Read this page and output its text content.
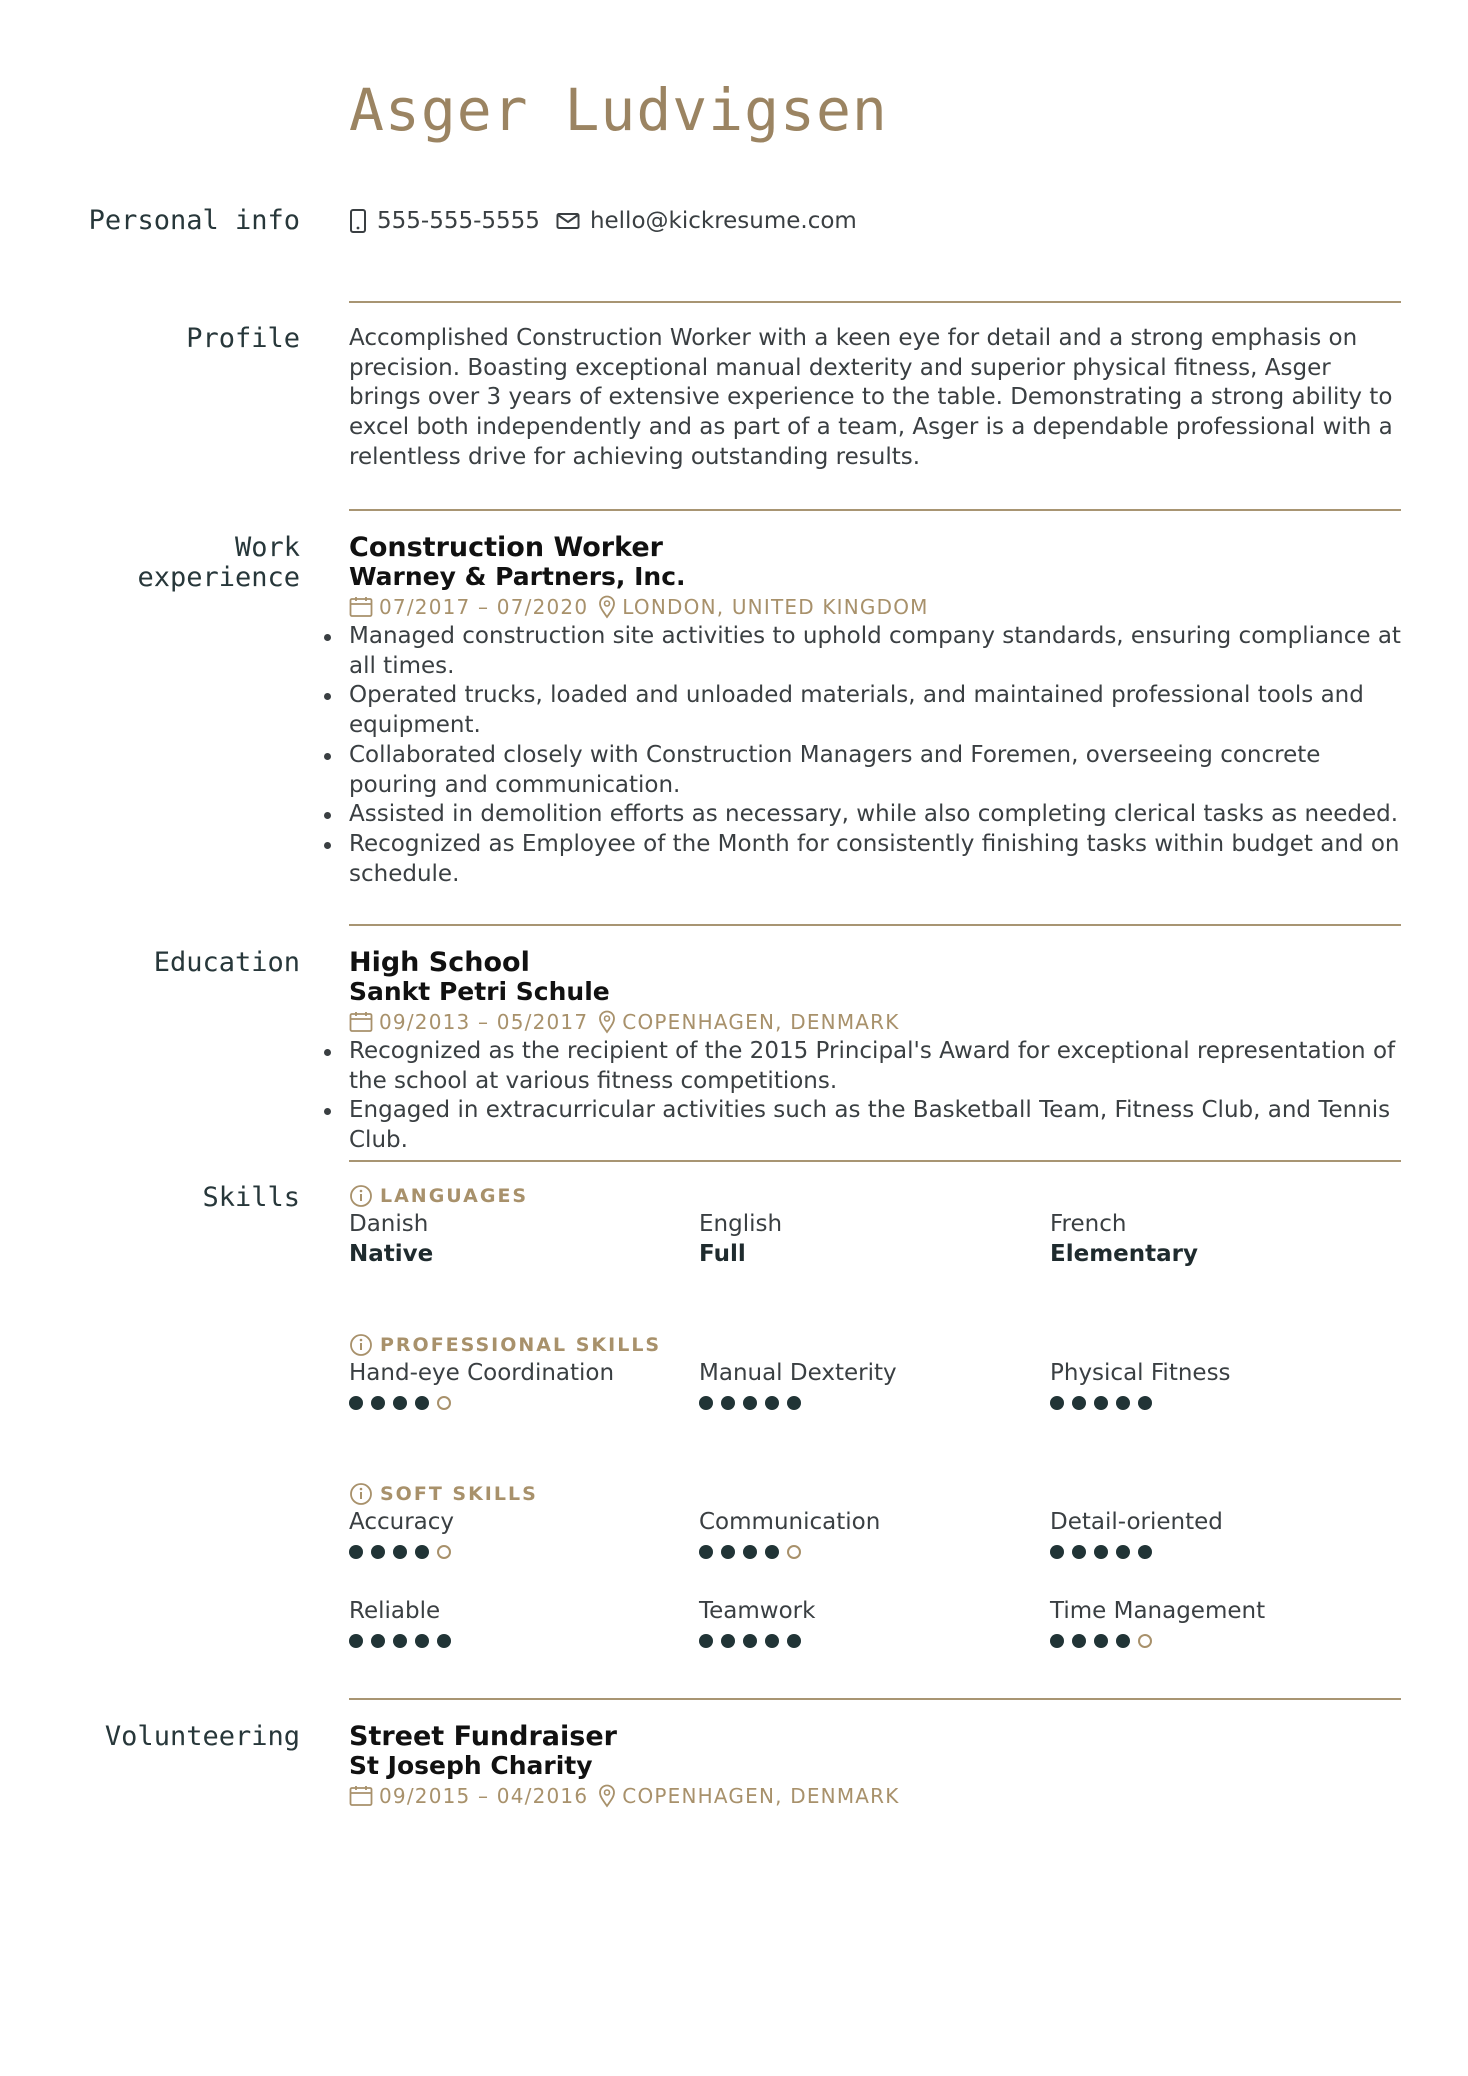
Asger Ludvigsen
Personal info	555-555-5555 hello@kickresume.com
Profile Accomplished Construction Worker with a keen eye for detail and a strong emphasis on precision. Boasting exceptional manual dexterity and superior physical fitness, Asger brings over 3 years of extensive experience to the table. Demonstrating a strong ability to excel both independently and as part of a team, Asger is a dependable professional with a relentless drive for achieving outstanding results.

Work
experience
Construction Worker
Warney & Partners, Inc.
07/2017 – 07/2020 LONDON, UNITED KINGDOM
Managed construction site activities to uphold company standards, ensuring compliance at all times.
Operated trucks, loaded and unloaded materials, and maintained professional tools and equipment.
Collaborated closely with Construction Managers and Foremen, overseeing concrete pouring and communication.
Assisted in demolition efforts as necessary, while also completing clerical tasks as needed.
Recognized as Employee of the Month for consistently finishing tasks within budget and on schedule.
Education High School
Sankt Petri Schule
09/2013 – 05/2017 COPENHAGEN, DENMARK
Recognized as the recipient of the 2015 Principal's Award for exceptional representation of the school at various fitness competitions.
Engaged in extracurricular activities such as the Basketball Team, Fitness Club, and Tennis Club.
Skills	LANGUAGES
Danish
Native
English
Full
French
Elementary
PROFESSIONAL SKILLS
Hand-eye Coordination	Manual Dexterity	Physical Fitness
SOFT SKILLS
Accuracy	Communication	Detail-oriented
Reliable	Teamwork	Time Management
Volunteering Street Fundraiser
St Joseph Charity
09/2015 – 04/2016 COPENHAGEN, DENMARK
